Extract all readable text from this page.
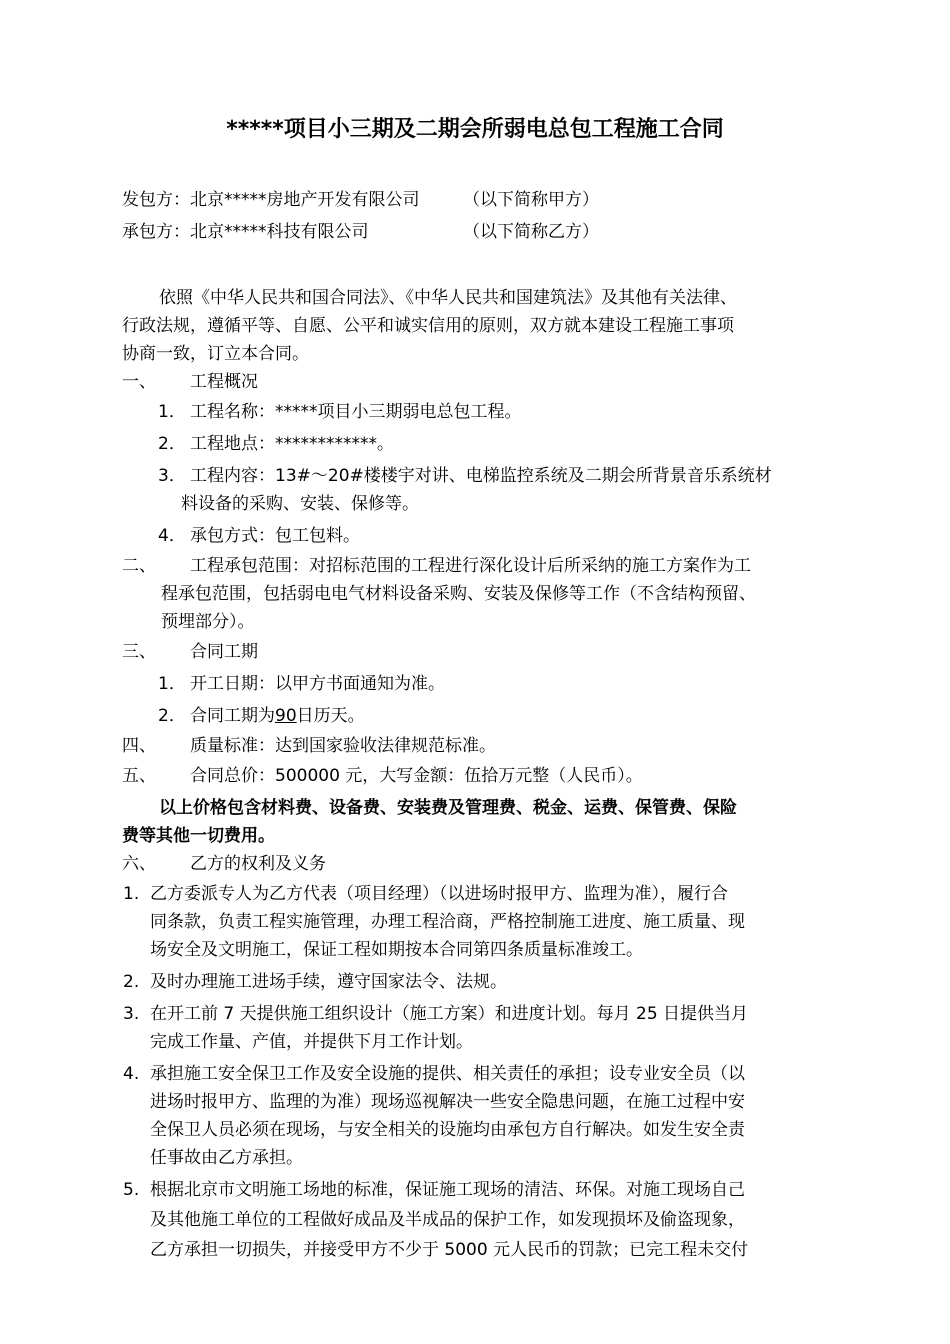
*****项目小三期及二期会所弱电总包工程施工合同
发包方：北京*****房地产开发有限公司	（以下简称甲方）
承包方：北京*****科技有限公司	（以下简称乙方）
依照《中华人民共和国合同法》、《中华人民共和国建筑法》及其他有关法律、
行政法规，遵循平等、自愿、公平和诚实信用的原则，双方就本建设工程施工事项
协商一致，订立本合同。
一、 工程概况
1． 工程名称：*****项目小三期弱电总包工程。
2． 工程地点：************。
3． 工程内容：13#～20#楼楼宇对讲、电梯监控系统及二期会所背景音乐系统材
料设备的采购、安装、保修等。
4． 承包方式：包工包料。
二、 工程承包范围：对招标范围的工程进行深化设计后所采纳的施工方案作为工
程承包范围，包括弱电电气材料设备采购、安装及保修等工作（不含结构预留、
预埋部分）。
三、 合同工期
1． 开工日期：以甲方书面通知为准。
2． 合同工期为90日历天。
四、 质量标准：达到国家验收法律规范标准。
五、 合同总价：500000 元，大写金额：伍拾万元整（人民币）。
以上价格包含材料费、设备费、安装费及管理费、税金、运费、保管费、保险
费等其他一切费用。
六、 乙方的权利及义务
1. 乙方委派专人为乙方代表（项目经理）（以进场时报甲方、监理为准），履行合
同条款，负责工程实施管理，办理工程洽商，严格控制施工进度、施工质量、现
场安全及文明施工，保证工程如期按本合同第四条质量标准竣工。
2. 及时办理施工进场手续，遵守国家法令、法规。
3. 在开工前 7 天提供施工组织设计（施工方案）和进度计划。每月 25 日提供当月
完成工作量、产值，并提供下月工作计划。
4. 承担施工安全保卫工作及安全设施的提供、相关责任的承担；设专业安全员（以
进场时报甲方、监理的为准）现场巡视解决一些安全隐患问题，在施工过程中安
全保卫人员必须在现场，与安全相关的设施均由承包方自行解决。如发生安全责
任事故由乙方承担。
5. 根据北京市文明施工场地的标准，保证施工现场的清洁、环保。对施工现场自己
及其他施工单位的工程做好成品及半成品的保护工作，如发现损坏及偷盗现象，
乙方承担一切损失，并接受甲方不少于 5000 元人民币的罚款；已完工程未交付
